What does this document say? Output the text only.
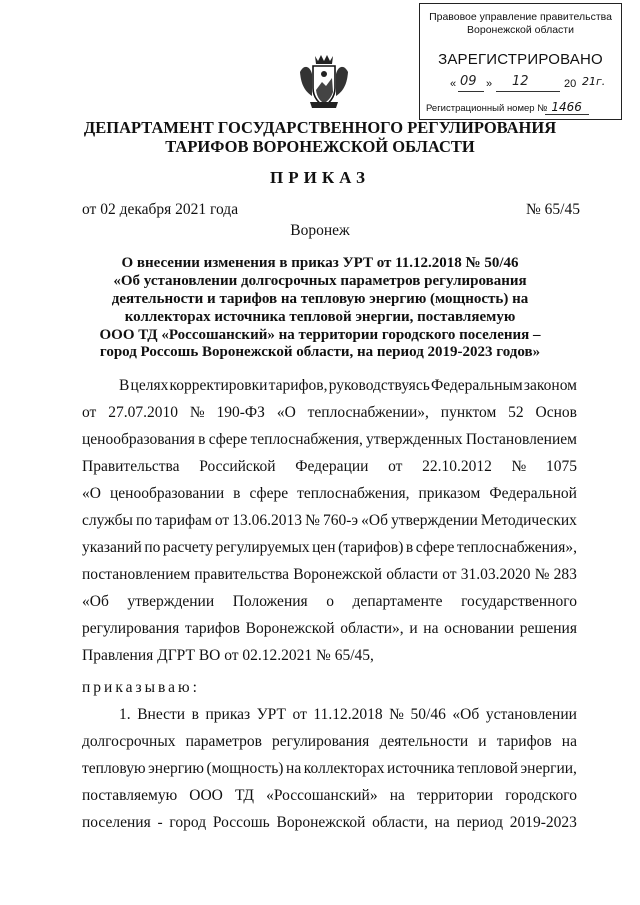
Правовое управление правительства
Воронежской области
ЗАРЕГИСТРИРОВАНО
« 09 » 12	20 21г.
Регистрационный номер № 1466
ДЕПАРТАМЕНТ ГОСУДАРСТВЕННОГО РЕГУЛИРОВАНИЯ
ТАРИФОВ ВОРОНЕЖСКОЙ ОБЛАСТИ
ПРИКАЗ
от 02 декабря 2021 года	№ 65/45
Воронеж
О внесении изменения в приказ УРТ от 11.12.2018 № 50/46
«Об установлении долгосрочных параметров регулирования
деятельности и тарифов на тепловую энергию (мощность) на
коллекторах источника тепловой энергии, поставляемую
ООО ТД «Россошанский» на территории городского поселения –
город Россошь Воронежской области, на период 2019-2023 годов»
В целях корректировки тарифов, руководствуясь Федеральным законом
от 27.07.2010 № 190-ФЗ «О теплоснабжении», пунктом 52 Основ
ценообразования в сфере теплоснабжения, утвержденных Постановлением
Правительства Российской Федерации от 22.10.2012 № 1075
«О ценообразовании в сфере теплоснабжения, приказом Федеральной
службы по тарифам от 13.06.2013 № 760-э «Об утверждении Методических
указаний по расчету регулируемых цен (тарифов) в сфере теплоснабжения»,
постановлением правительства Воронежской области от 31.03.2020 № 283
«Об утверждении Положения о департаменте государственного
регулирования тарифов Воронежской области», и на основании решения
Правления ДГРТ ВО от 02.12.2021 № 65/45,
приказываю:
1. Внести в приказ УРТ от 11.12.2018 № 50/46 «Об установлении
долгосрочных параметров регулирования деятельности и тарифов на
тепловую энергию (мощность) на коллекторах источника тепловой энергии,
поставляемую ООО ТД «Россошанский» на территории городского
поселения - город Россошь Воронежской области, на период 2019-2023
